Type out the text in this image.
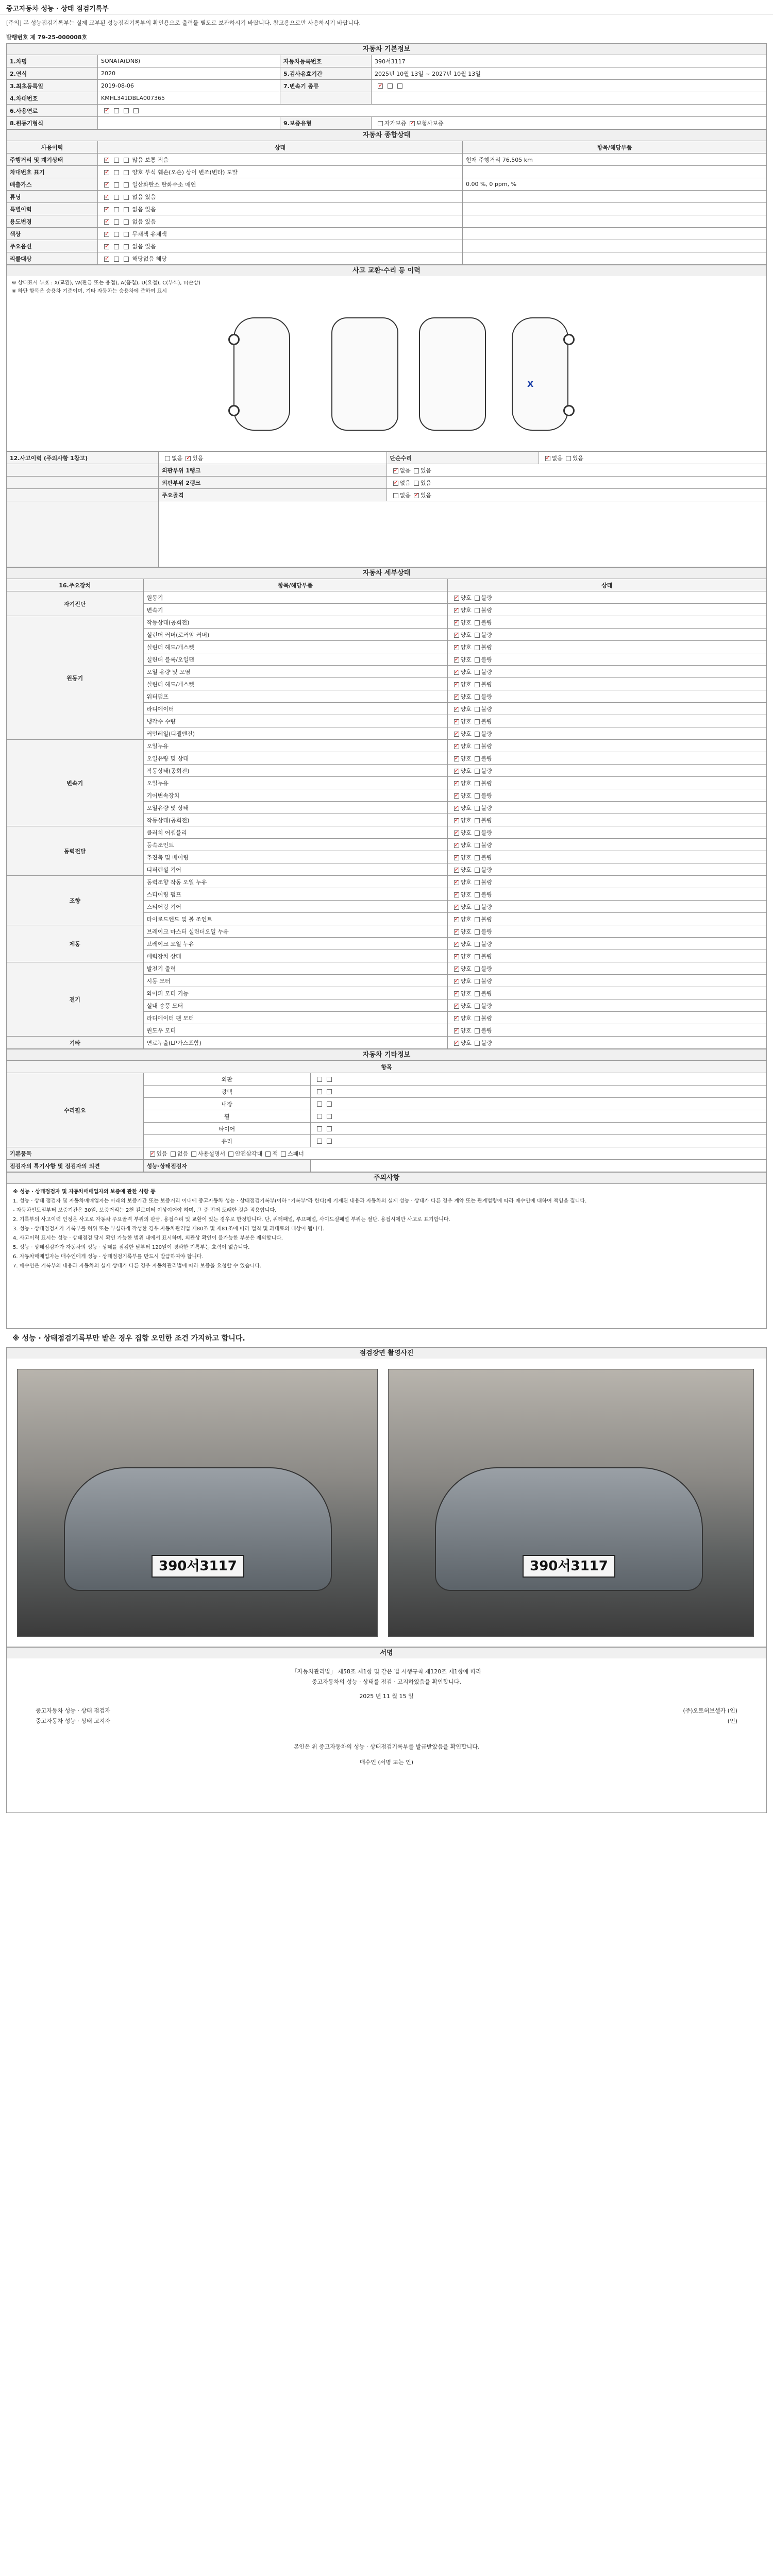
중고자동차 성능 · 상태 점검기록부
[주의] 본 성능점검기록부는 실제 교부된 성능점검기록부의 확인용으로 출력물 별도로 보관하시기 바랍니다. 참고용으로만 사용하시기 바랍니다.
발행번호 제 79-25-000008호
자동차 기본정보
1.차명	SONATA(DN8)	자동차등록번호	390서3117
2.연식	2020	5.검사유효기간	2025년 10월 13일 ~ 2027년 10월 13일
3.최초등록일	2019-08-06	7.변속기 종류	✓
4.차대번호	KMHL341DBLA007365		
6.사용연료	✓
8.원동기형식		9.보증유형	자가보증 ✓ 보험사보증
자동차 종합상태
사용이력	상태	항목/해당부품
주행거리 및 계기상태	✓ 많음 보통 적음	현재 주행거리 76,505 km
차대번호 표기	✓ 양호 부식 훼손(오손) 상이 변조(변타) 도말	
배출가스	✓ 일산화탄소 탄화수소 매연	0.00 %, 0 ppm, %
튜닝	✓ 없음 있음	
특별이력	✓ 없음 있음	
용도변경	✓ 없음 있음	
색상	✓ 무채색 유채색	
주요옵션	✓ 없음 있음	
리콜대상	✓ 해당없음 해당	
사고 교환·수리 등 이력
※ 상태표시 부호 : X(교환), W(판금 또는 용접), A(흠집), U(요철), C(부식), T(손상)
※ 하단 항목은 승용차 기준이며, 기타 자동차는 승용차에 준하여 표시
X
12.사고이력 (주의사항 1참고)	없음 ✓ 있음	단순수리	✓없음 있음
	외판부위 1랭크	✓없음 있음
	외판부위 2랭크	✓없음 있음
	주요골격	없음 ✓ 있음

자동차 세부상태
16.주요장치	항목/해당부품	상태
자기진단	원동기	✓양호 불량
	변속기	✓양호 불량
원동기	작동상태(공회전)	✓양호 불량
	실린더 커버(로커암 커버)	✓양호 불량
	실린더 헤드/개스켓	✓양호 불량
	실린더 블록/오일팬	✓양호 불량
	오일 유량 및 오염	✓양호 불량
	실린더 헤드/개스켓	✓양호 불량
	워터펌프	✓양호 불량
	라디에이터	✓양호 불량
	냉각수 수량	✓양호 불량
	커먼레일(디젤엔진)	✓양호 불량
변속기	오일누유	✓양호 불량
	오일유량 및 상태	✓양호 불량
	작동상태(공회전)	✓양호 불량
	오일누유	✓양호 불량
	기어변속장치	✓양호 불량
	오일유량 및 상태	✓양호 불량
	작동상태(공회전)	✓양호 불량
동력전달	클러치 어셈블리	✓양호 불량
	등속조인트	✓양호 불량
	추진축 및 베어링	✓양호 불량
	디퍼렌셜 기어	✓양호 불량
조향	동력조향 작동 오일 누유	✓양호 불량
	스티어링 펌프	✓양호 불량
	스티어링 기어	✓양호 불량
	타이로드엔드 및 볼 조인트	✓양호 불량
제동	브레이크 마스터 실린더오일 누유	✓양호 불량
	브레이크 오일 누유	✓양호 불량
	배력장치 상태	✓양호 불량
전기	발전기 출력	✓양호 불량
	시동 모터	✓양호 불량
	와이퍼 모터 기능	✓양호 불량
	실내 송풍 모터	✓양호 불량
	라디에이터 팬 모터	✓양호 불량
	윈도우 모터	✓양호 불량
기타	연료누출(LP가스포함)	✓양호 불량
자동차 기타정보
항목		
수리필요	외판	
	광택	
	내장	
	휠	
	타이어	
	유리	
기본품목	✓있음 없음 사용설명서 안전삼각대 잭 스패너
점검자의 특기사항 및 점검자의 의견	성능·상태점검자	
주의사항

※ 성능 · 상태점검자 및 자동차매매업자의 보증에 관한 사항 등

1. 성능 · 상태 점검자 및 자동차매매업자는 아래의 보증기간 또는 보증거리 이내에 중고자동차 성능 · 상태점검기록부(이하 "기록부"라 한다)에 기재된 내용과 자동차의 실제 성능 · 상태가 다른 경우 계약 또는 관계법령에 따라 매수인에 대하여 책임을 집니다.

- 자동차인도일부터 보증기간은 30일, 보증거리는 2천 킬로미터 이상이어야 하며, 그 중 먼저 도래한 것을 적용합니다.

2. 기록부의 사고이력 인정은 사고로 자동차 주요골격 부위의 판금, 용접수리 및 교환이 있는 경우로 한정합니다. 단, 쿼터패널, 루프패널, 사이드실패널 부위는 절단, 용접시에만 사고로 표기합니다.

3. 성능 · 상태점검자가 기록부를 허위 또는 부실하게 작성한 경우 자동차관리법 제80조 및 제81조에 따라 벌칙 및 과태료의 대상이 됩니다.

4. 사고이력 표시는 성능 · 상태점검 당시 확인 가능한 범위 내에서 표시하며, 외관상 확인이 불가능한 부분은 제외합니다.

5. 성능 · 상태점검자가 자동차의 성능 · 상태를 점검한 날부터 120일이 경과한 기록부는 효력이 없습니다.

6. 자동차매매업자는 매수인에게 성능 · 상태점검기록부를 반드시 발급하여야 합니다.

7. 매수인은 기록부의 내용과 자동차의 실제 상태가 다른 경우 자동차관리법에 따라 보증을 요청할 수 있습니다.

※ 성능 · 상태점검기록부만 받은 경우 집합 오인한 조건 가지하고 합니다.
점검장면 촬영사진
390서3117	390서3117
서명
「자동차관리법」 제58조 제1항 및 같은 법 시행규칙 제120조 제1항에 따라
중고자동차의 성능 · 상태를 점검 · 고지하였음을 확인합니다.
2025 년 11 월 15 일
중고자동차 성능 · 상태 점검자	(주)오토허브셀카 (인)
중고자동차 성능 · 상태 고지자	(인)
본인은 위 중고자동차의 성능 · 상태점검기록부를 발급받았음을 확인합니다.
매수인 (서명 또는 인)
